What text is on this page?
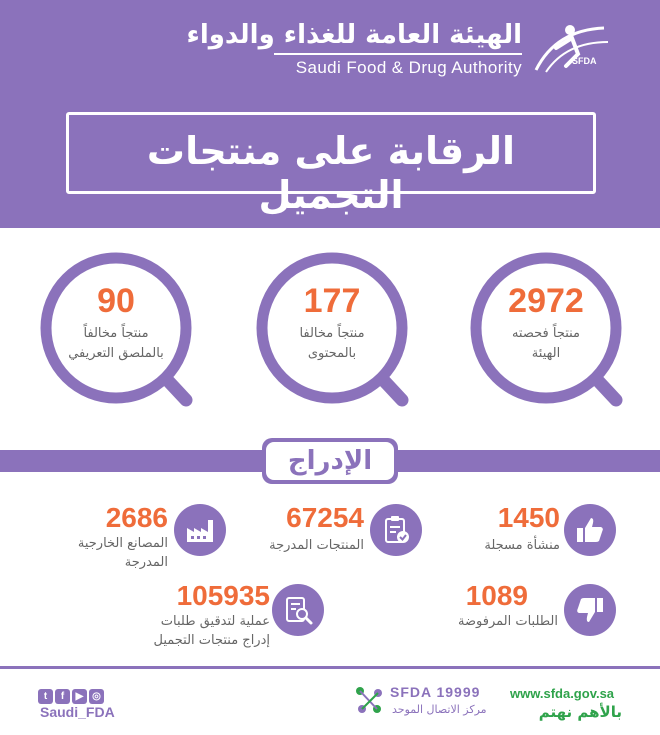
الهيئة العامة للغذاء والدواء
Saudi Food & Drug Authority	SFDA
الرقابة على منتجات التجميل
2972
منتجاً فحصته
الهيئة
177
منتجاً مخالفا
بالمحتوى
90
منتجاً مخالفاً
بالملصق التعريفي
الإدراج
1450
منشأة مسجلة
67254
المنتجات المدرجة
2686
المصانع الخارجية
المدرجة
1089
الطلبات المرفوضة
105935
عملية لتدقيق طلبات
إدراج منتجات التجميل
t f ▶ ◎
Saudi_FDA
SFDA 19999
مركز الاتصال الموحد
www.sfda.gov.sa
بالأهم نهتم
